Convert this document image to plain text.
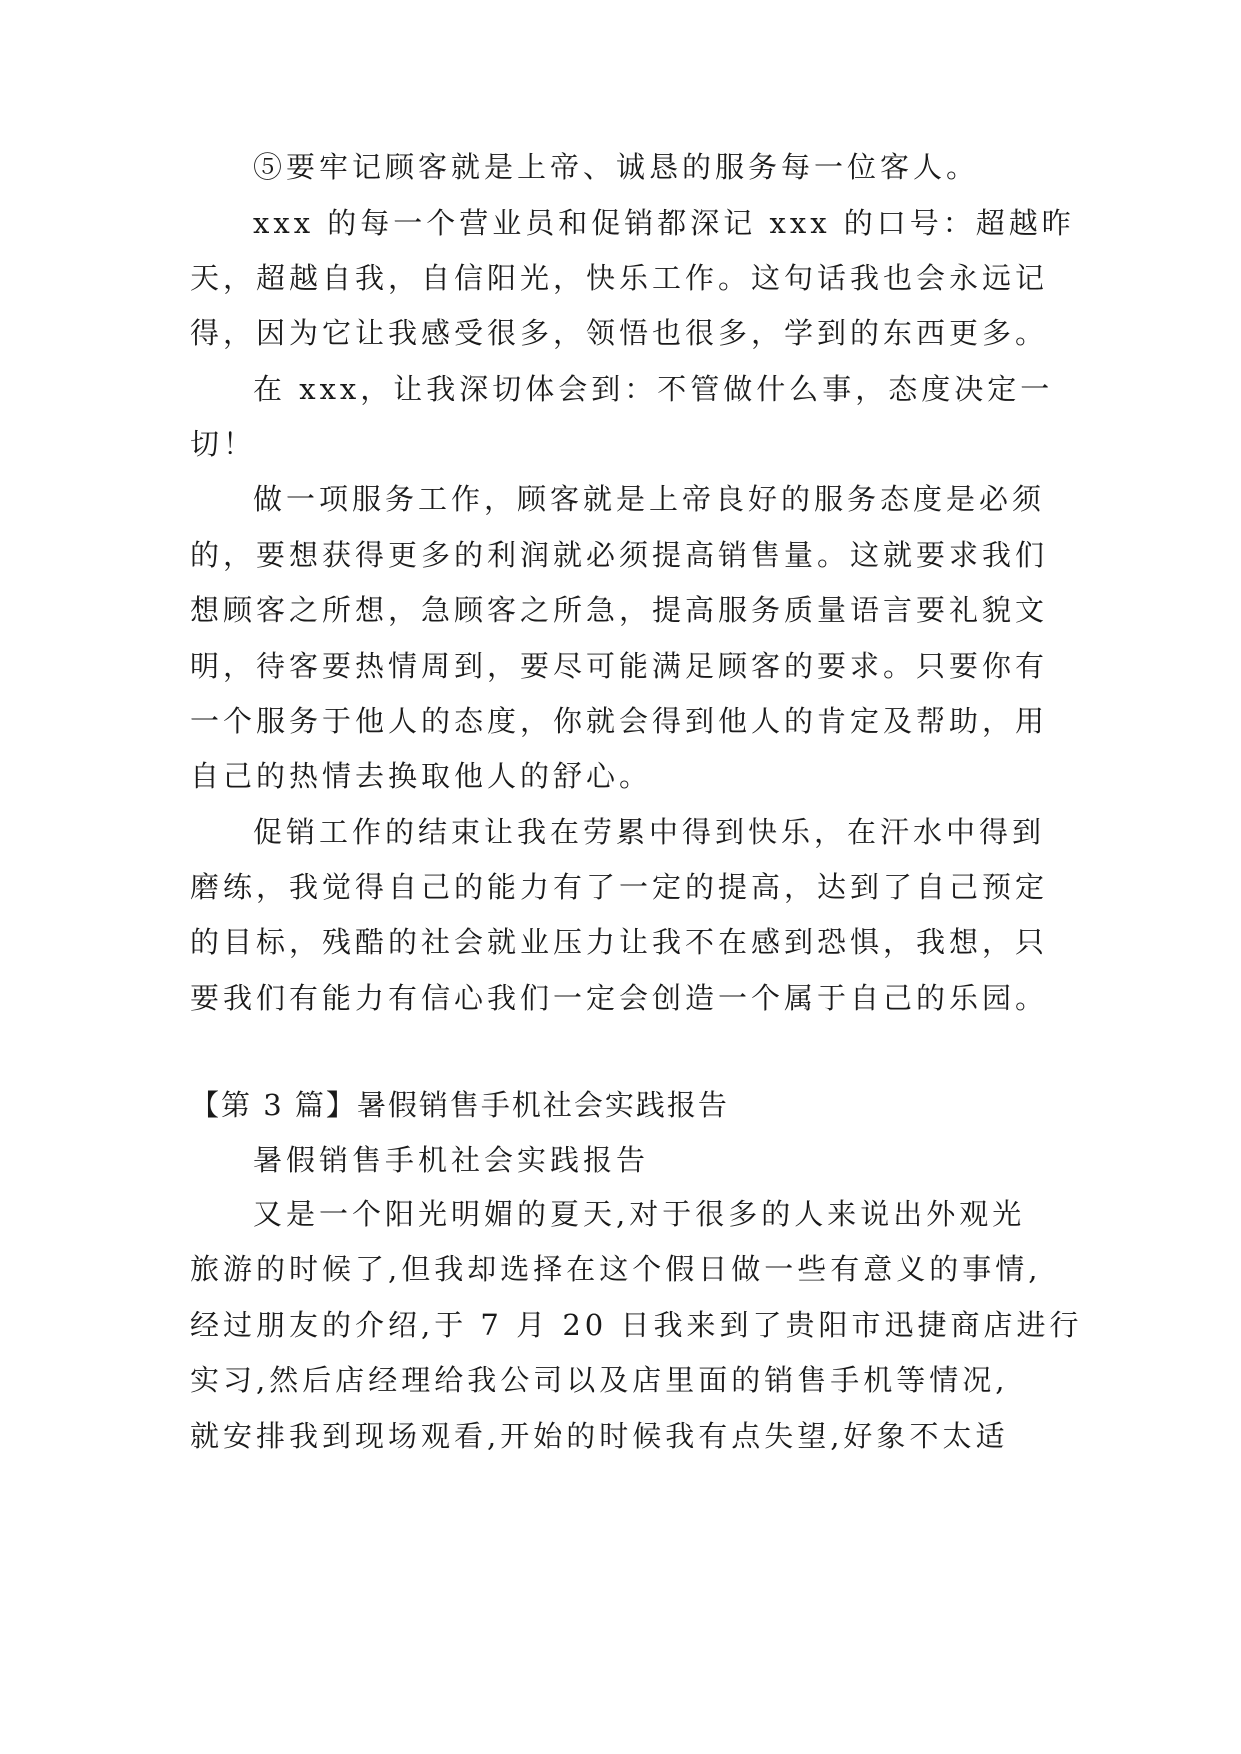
⑤要牢记顾客就是上帝、诚恳的服务每一位客人。
xxx 的每一个营业员和促销都深记 xxx 的口号：超越昨
天，超越自我，自信阳光，快乐工作。这句话我也会永远记
得，因为它让我感受很多，领悟也很多，学到的东西更多。
在 xxx，让我深切体会到：不管做什么事，态度决定一
切！
做一项服务工作，顾客就是上帝良好的服务态度是必须
的，要想获得更多的利润就必须提高销售量。这就要求我们
想顾客之所想，急顾客之所急，提高服务质量语言要礼貌文
明，待客要热情周到，要尽可能满足顾客的要求。只要你有
一个服务于他人的态度，你就会得到他人的肯定及帮助，用
自己的热情去换取他人的舒心。
促销工作的结束让我在劳累中得到快乐，在汗水中得到
磨练，我觉得自己的能力有了一定的提高，达到了自己预定
的目标，残酷的社会就业压力让我不在感到恐惧，我想，只
要我们有能力有信心我们一定会创造一个属于自己的乐园。
【第 3 篇】暑假销售手机社会实践报告
暑假销售手机社会实践报告
又是一个阳光明媚的夏天,对于很多的人来说出外观光
旅游的时候了,但我却选择在这个假日做一些有意义的事情,
经过朋友的介绍,于 7 月 20 日我来到了贵阳市迅捷商店进行
实习,然后店经理给我公司以及店里面的销售手机等情况,
就安排我到现场观看,开始的时候我有点失望,好象不太适
